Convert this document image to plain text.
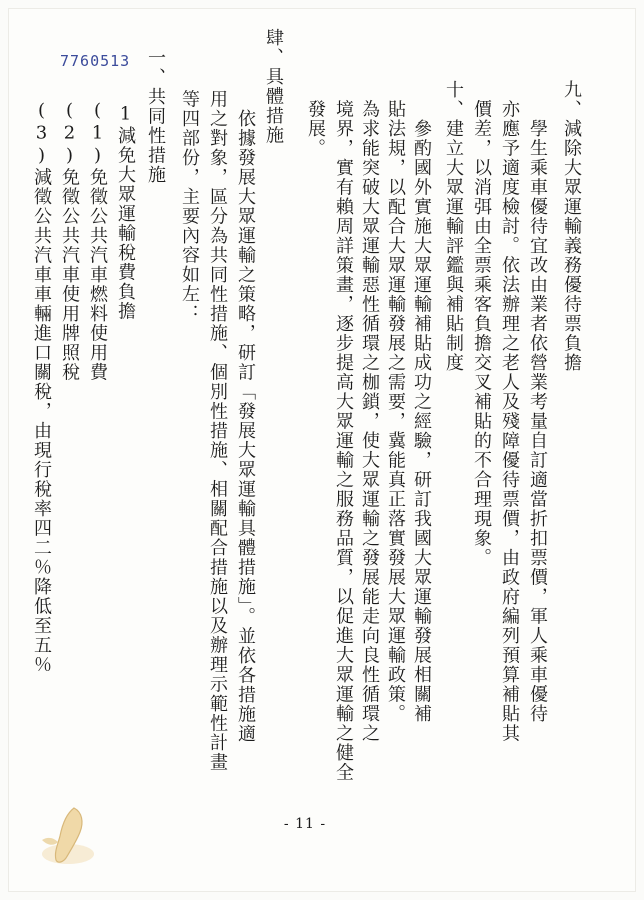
7760513
九、減除大眾運輸義務優待票負擔
　　學生乘車優待宜改由業者依營業考量自訂適當折扣票價，軍人乘車優待
　亦應予適度檢討。依法辦理之老人及殘障優待票價，由政府編列預算補貼其
　價差，以消弭由全票乘客負擔交叉補貼的不合理現象。
十、建立大眾運輸評鑑與補貼制度
　　參酌國外實施大眾運輸補貼成功之經驗，研訂我國大眾運輸發展相關補
　貼法規，以配合大眾運輸發展之需要，冀能真正落實發展大眾運輸政策。
　為求能突破大眾運輸惡性循環之枷鎖，使大眾運輸之發展能走向良性循環之
　境界，實有賴周詳策畫，逐步提高大眾運輸之服務品質，以促進大眾運輸之健全
　發展。
肆、具體措施
　　依據發展大眾運輸之策略，研訂「發展大眾運輸具體措施」。並依各措施適
　用之對象，區分為共同性措施、個別性措施、相關配合措施以及辦理示範性計畫
　等四部份，主要內容如左：
一、共同性措施
　1減免大眾運輸稅費負擔
(1)免徵公共汽車燃料使用費
(2)免徵公共汽車使用牌照稅
(3)減徵公共汽車車輛進口關稅，由現行稅率四二％降低至五％
- 11 -
